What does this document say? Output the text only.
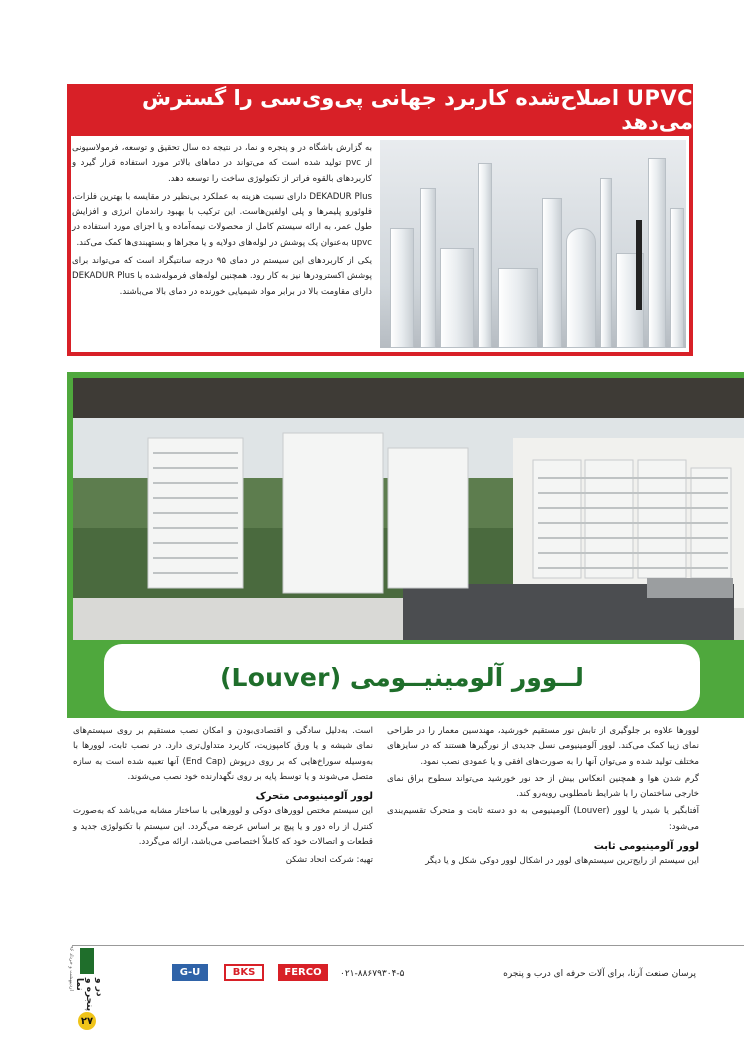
UPVC اصلاح‌شده کاربرد جهانی پی‌وی‌سی را گسترش می‌دهد

به گزارش باشگاه در و پنجره و نما، در نتیجه ده سال تحقیق و توسعه، فرمولاسیونی از pvc تولید شده است که می‌تواند در دماهای بالاتر مورد استفاده قرار گیرد و کاربردهای بالقوه فراتر از تکنولوژی ساخت را توسعه دهد.

DEKADUR Plus دارای نسبت هزینه به عملکرد بی‌نظیر در مقایسه با بهترین فلزات، فلوئورو پلیمرها و پلی اولفین‌هاست. این ترکیب با بهبود راندمان انرژی و افزایش طول عمر، به ارائه سیستم کامل از محصولات نیمه‌آماده و یا اجزای مورد استفاده در upvc به‌عنوان یک پوشش در لوله‌های دولایه و یا مجراها و بستهبندی‌ها کمک می‌کند.

یکی از کاربردهای این سیستم در دمای ۹۵ درجه سانتیگراد است که می‌تواند برای پوشش اکسترودرها نیز به کار رود. همچنین لوله‌های فرموله‌شده با DEKADUR Plus دارای مقاومت بالا در برابر مواد شیمیایی خورنده در دمای بالا می‌باشند.

لــوور آلومینیــومی (Louver)

لوورها علاوه بر جلوگیری از تابش نور مستقیم خورشید، مهندسین معمار را در طراحی نمای زیبا کمک می‌کند. لوور آلومینیومی نسل جدیدی از نورگیرها هستند که در سایزهای مختلف تولید شده و می‌توان آنها را به صورت‌های افقی و یا عمودی نصب نمود.

گرم شدن هوا و همچنین انعکاس بیش از حد نور خورشید می‌تواند سطوح براق نمای خارجی ساختمان را با شرایط نامطلوبی روبه‌رو کند.

آفتابگیر یا شیدر یا لوور (Louver) آلومینیومی به دو دسته ثابت و متحرک تقسیم‌بندی می‌شود:

لوور آلومینیومی ثابت

این سیستم از رایج‌ترین سیستم‌های لوور در اشکال لوور دوکی شکل و یا دیگر

است. به‌دلیل سادگی و اقتصادی‌بودن و امکان نصب مستقیم بر روی سیستم‌های نمای شیشه و یا ورق کامپوزیت، کاربرد متداول‌تری دارد. در نصب ثابت، لوورها با به‌وسیله سوراخ‌هایی که بر روی درپوش (End Cap) آنها تعبیه شده است به سازه متصل می‌شوند و یا توسط پایه بر روی نگهدارنده خود نصب می‌شوند.

لوور آلومینیومی متحرک

این سیستم مختص لوورهای دوکی و لوورهایی با ساختار مشابه می‌باشد که به‌صورت کنترل از راه دور و یا پیچ بر اساس عرضه می‌گردد. این سیستم با تکنولوژی جدید و قطعات و اتصالات خود که کاملاً اختصاصی می‌باشد، ارائه می‌گردد.

تهیه: شرکت اتحاد تشکن

پرسان صنعت آرنا، برای آلات حرفه ای درب و پنجره
۰۲۱-۸۸۶۷۹۳۰۴-۵
G-U	BKS	FERCO
اردیبهشت و خرداد ۹۶	در و پنجره و نما
۲۷
